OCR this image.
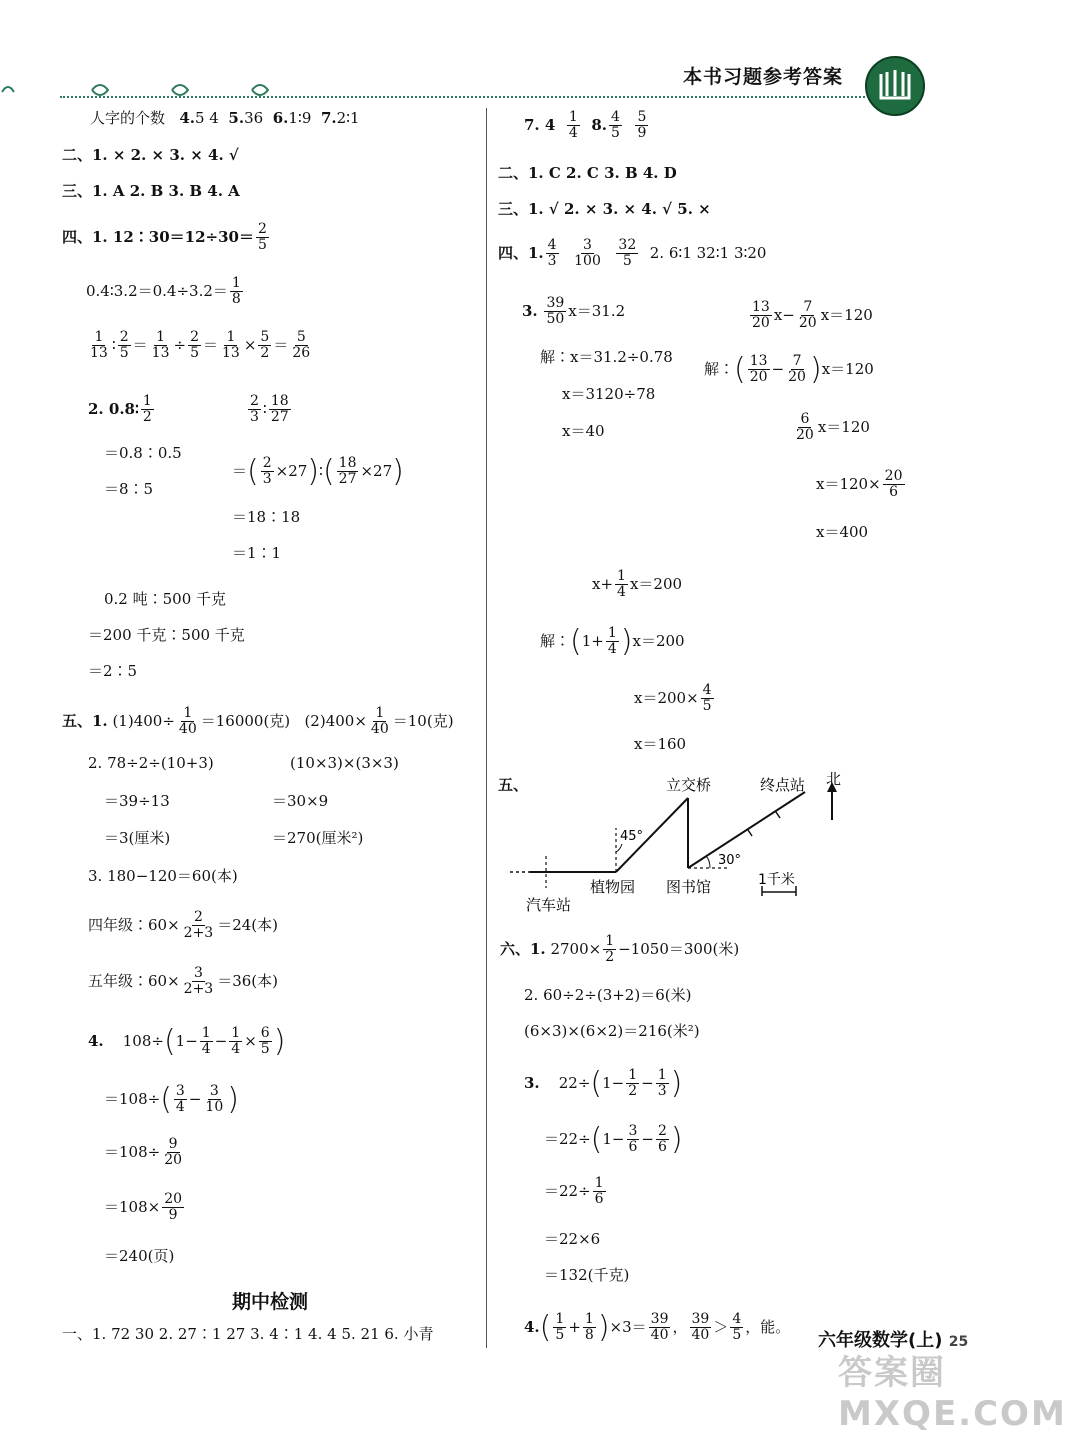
本书习题参考答案
人字的个数 4.5 4 5.36 6.1∶9 7.2∶1
二、1. × 2. × 3. × 4. √
三、1. A 2. B 3. B 4. A
四、1. 12∶30＝12÷30＝ $\frac{2}{5}$
0.4∶3.2＝0.4÷3.2＝ $\frac{1}{8}$
$\frac{1}{13}$ ∶ $\frac{2}{5} = \frac{1}{13} \div \frac{2}{5} = \frac{1}{13} \times \frac{5}{2} = \frac{5}{26}$
2. 0.8∶ $\frac{1}{2}$	$\frac{2}{3}$ ∶ $\frac{18}{27}$
＝0.8∶0.5
＝( $\frac{2}{3}$ ×27)∶( $\frac{18}{27} \times 27$)
＝8∶5
＝18∶18
＝1∶1
0.2 吨∶500 千克
＝200 千克∶500 千克
＝2∶5
五、1. $(1)400\div \frac{1}{40} =16000$(克)   $(2)400\times \frac{1}{40} =10$(克)
2. 78÷2÷(10+3)	(10×3)×(3×3)
＝39÷13	＝30×9
＝3(厘米)	＝270(厘米²)
3. 180−120＝60(本)
四年级∶60× $\frac{2}{2+3} =24$(本)
五年级∶60× $\frac{3}{2+3} =36$(本)
4.    $108\div(1- \frac{1}{4} - \frac{1}{4} \times \frac{6}{5}$ )
$=108\div( \frac{3}{4} - \frac{3}{10}$ )
$=108\div \frac{9}{20}$
$=108\times \frac{20}{9}$
＝240(页)
期中检测
一、1. 72 30 2. 27∶1 27 3. 4∶1 4. 4 5. 21 6. 小青
7. $4 \frac{1}{4} 8$. $\frac{4}{5}$
$\frac{5}{9}$
二、1. C 2. C 3. B 4. D
三、1. √ 2. × 3. × 4. √ 5. ×
四、1. $\frac{4}{3}$
$\frac{3}{100}$
$\frac{32}{5} 2$. 6∶1 32∶1 3∶20
3. $\frac{39}{50} x=31.2$
解∶x＝31.2÷0.78
x＝3120÷78
x＝40
$\frac{13}{20} x- \frac{7}{20} x=120$
解∶( $\frac{13}{20} - \frac{7}{20} )x=120$
$\frac{6}{20} x=120$
$x=120\times \frac{20}{6}$
x＝400
$x+ \frac{1}{4} x=200$
解∶(1+ $\frac{1}{4} )x=200$
$x=200\times \frac{4}{5}$
x＝160
五、	立交桥	终点站 北
45°
30°
植物园 图书馆	1千米
汽车站
六、1. $2700\times \frac{1}{2} -1050=300$(米)
2. 60÷2÷(3+2)＝6(米)
(6×3)×(6×2)＝216(米²)
3.    $22\div(1- \frac{1}{2} - \frac{1}{3}$ )
$=22\div(1- \frac{3}{6} - \frac{2}{6}$ )
$=22\div \frac{1}{6}$
＝22×6
＝132(千克)
$4.( \frac{1}{5} + \frac{1}{8} )\times 3= \frac{39}{40}$ ， $\frac{39}{40} > \frac{4}{5}$ ，能。
六年级数学(上) 25
答案圈 MXQE.COM
